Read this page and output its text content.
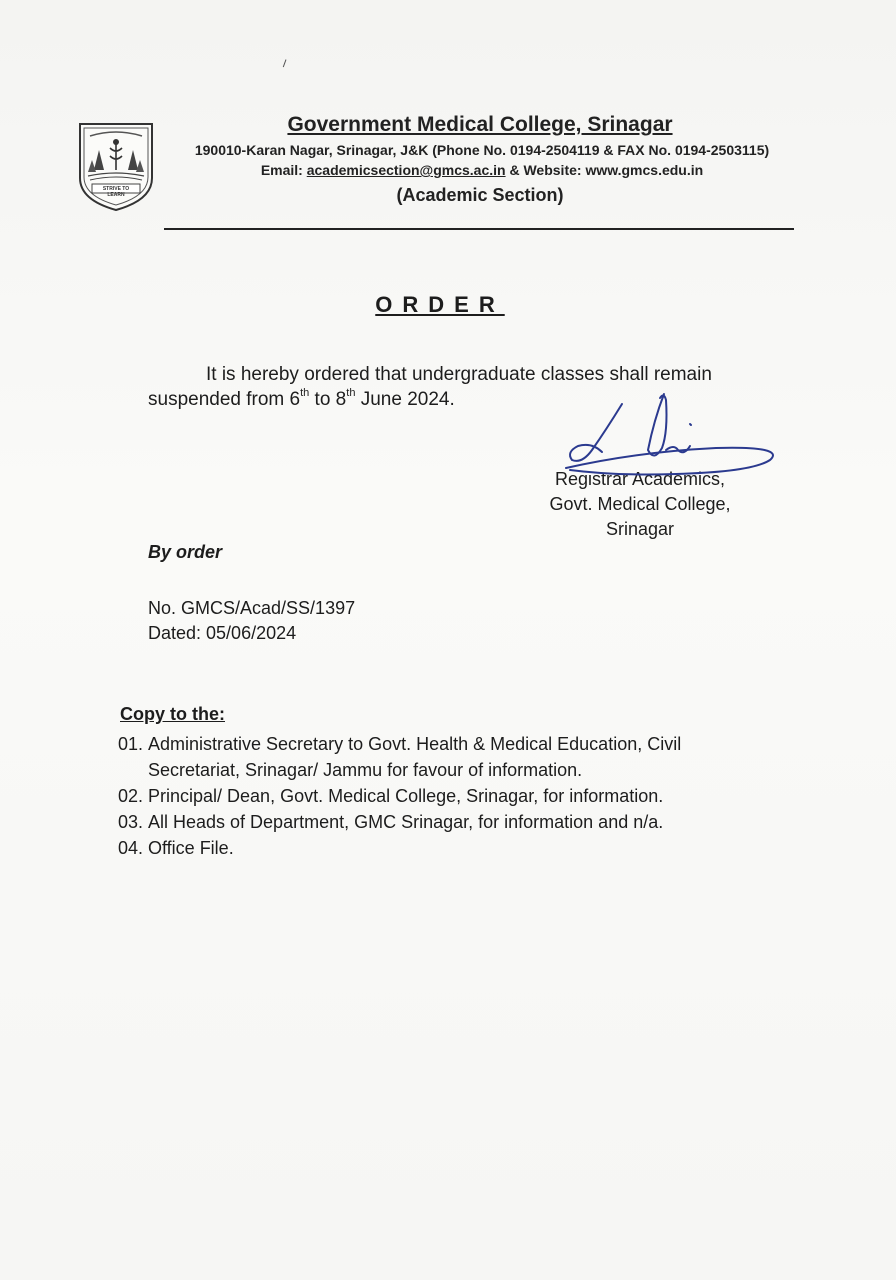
STRIVE TO LEARN
Government Medical College, Srinagar
190010-Karan Nagar, Srinagar, J&K (Phone No. 0194-2504119 & FAX No. 0194-2503115)
Email: academicsection@gmcs.ac.in & Website: www.gmcs.edu.in
(Academic Section)
ORDER
It is hereby ordered that undergraduate classes shall remain suspended from 6th to 8th June 2024.
Registrar Academics,
Govt. Medical College,
Srinagar
By order
No. GMCS/Acad/SS/1397
Dated: 05/06/2024
Copy to the:
01. Administrative Secretary to Govt. Health & Medical Education, Civil Secretariat, Srinagar/ Jammu for favour of information.
02. Principal/ Dean, Govt. Medical College, Srinagar, for information.
03. All Heads of Department, GMC Srinagar, for information and n/a.
04. Office File.
